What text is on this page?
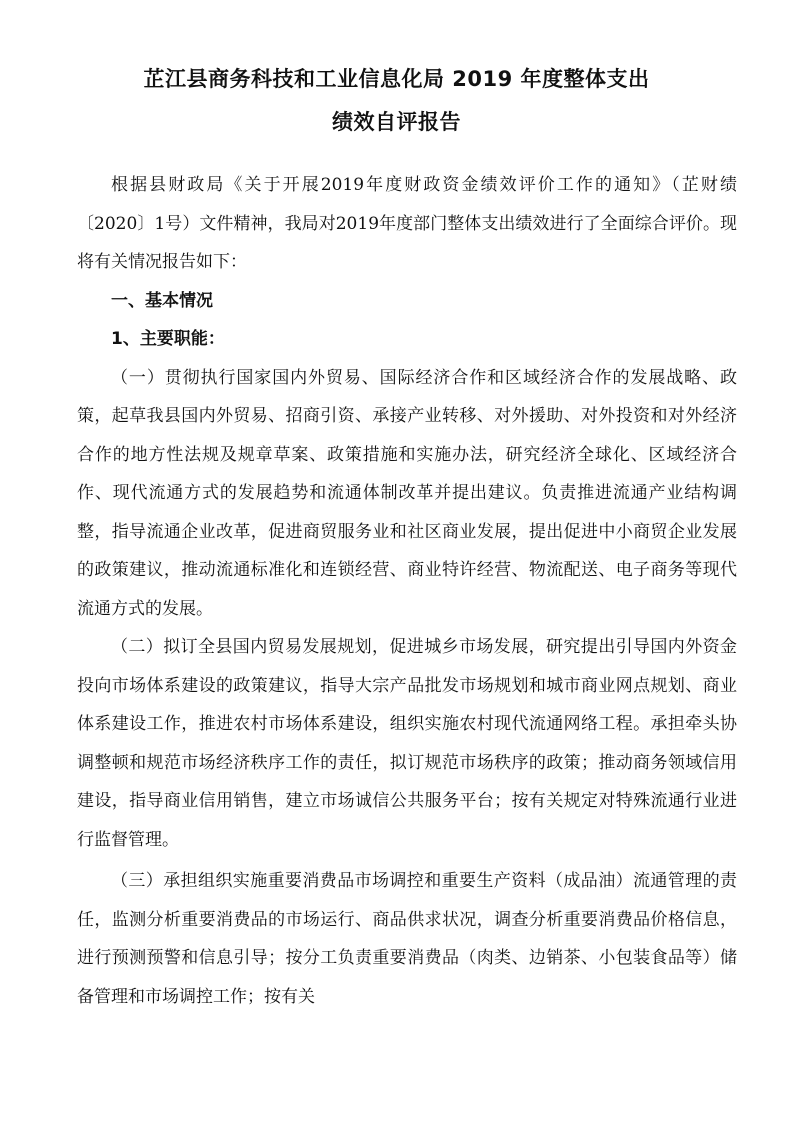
芷江县商务科技和工业信息化局 2019 年度整体支出
绩效自评报告

根据县财政局《关于开展2019年度财政资金绩效评价工作的通知》（芷财绩〔2020〕1号）文件精神，我局对2019年度部门整体支出绩效进行了全面综合评价。现将有关情况报告如下：

一、基本情况

1、主要职能：

（一）贯彻执行国家国内外贸易、国际经济合作和区域经济合作的发展战略、政策，起草我县国内外贸易、招商引资、承接产业转移、对外援助、对外投资和对外经济合作的地方性法规及规章草案、政策措施和实施办法，研究经济全球化、区域经济合作、现代流通方式的发展趋势和流通体制改革并提出建议。负责推进流通产业结构调整，指导流通企业改革，促进商贸服务业和社区商业发展，提出促进中小商贸企业发展的政策建议，推动流通标准化和连锁经营、商业特许经营、物流配送、电子商务等现代流通方式的发展。

（二）拟订全县国内贸易发展规划，促进城乡市场发展，研究提出引导国内外资金投向市场体系建设的政策建议，指导大宗产品批发市场规划和城市商业网点规划、商业体系建设工作，推进农村市场体系建设，组织实施农村现代流通网络工程。承担牵头协调整顿和规范市场经济秩序工作的责任，拟订规范市场秩序的政策；推动商务领域信用建设，指导商业信用销售，建立市场诚信公共服务平台；按有关规定对特殊流通行业进行监督管理。

（三）承担组织实施重要消费品市场调控和重要生产资料（成品油）流通管理的责任，监测分析重要消费品的市场运行、商品供求状况，调查分析重要消费品价格信息，进行预测预警和信息引导；按分工负责重要消费品（肉类、边销茶、小包装食品等）储备管理和市场调控工作；按有关
